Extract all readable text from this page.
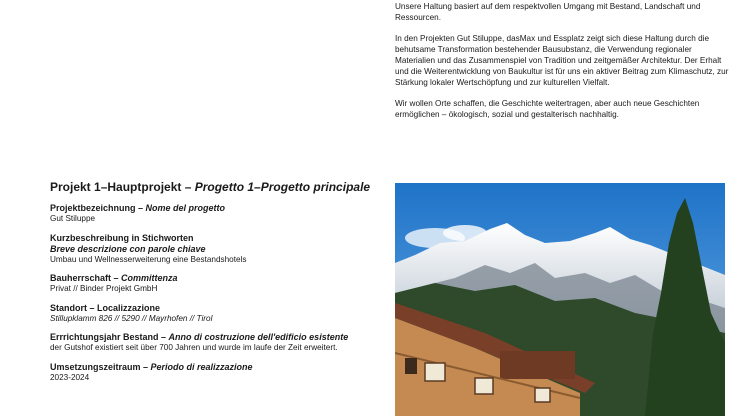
Unsere Haltung basiert auf dem respektvollen Umgang mit Bestand, Landschaft und Ressourcen.

In den Projekten Gut Stiluppe, dasMax und Essplatz zeigt sich diese Haltung durch die behutsame Transformation bestehender Bausubstanz, die Verwendung regionaler Materialien und das Zusammenspiel von Tradition und zeitgemäßer Architektur. Der Erhalt und die Weiterentwicklung von Baukultur ist für uns ein aktiver Beitrag zum Klimaschutz, zur Stärkung lokaler Wertschöpfung und zur kulturellen Vielfalt.

Wir wollen Orte schaffen, die Geschichte weitertragen, aber auch neue Geschichten ermöglichen – ökologisch, sozial und gestalterisch nachhaltig.

Projekt 1–Hauptprojekt – Progetto 1–Progetto principale
Projektbezeichnung – Nome del progetto
Gut Stiluppe
Kurzbeschreibung in Stichworten
Breve descrizione con parole chiave
Umbau und Wellnesserweiterung eine Bestandshotels
Bauherrschaft – Committenza
Privat // Binder Projekt GmbH
Standort – Localizzazione
Stillupklamm 826 // 5290 // Mayrhofen // Tirol
Errrichtungsjahr Bestand – Anno di costruzione dell'edificio esistente
der Gutshof existiert seit über 700 Jahren und wurde im laufe der Zeit erweitert.
Umsetzungszeitraum – Periodo di realizzazione
2023-2024
